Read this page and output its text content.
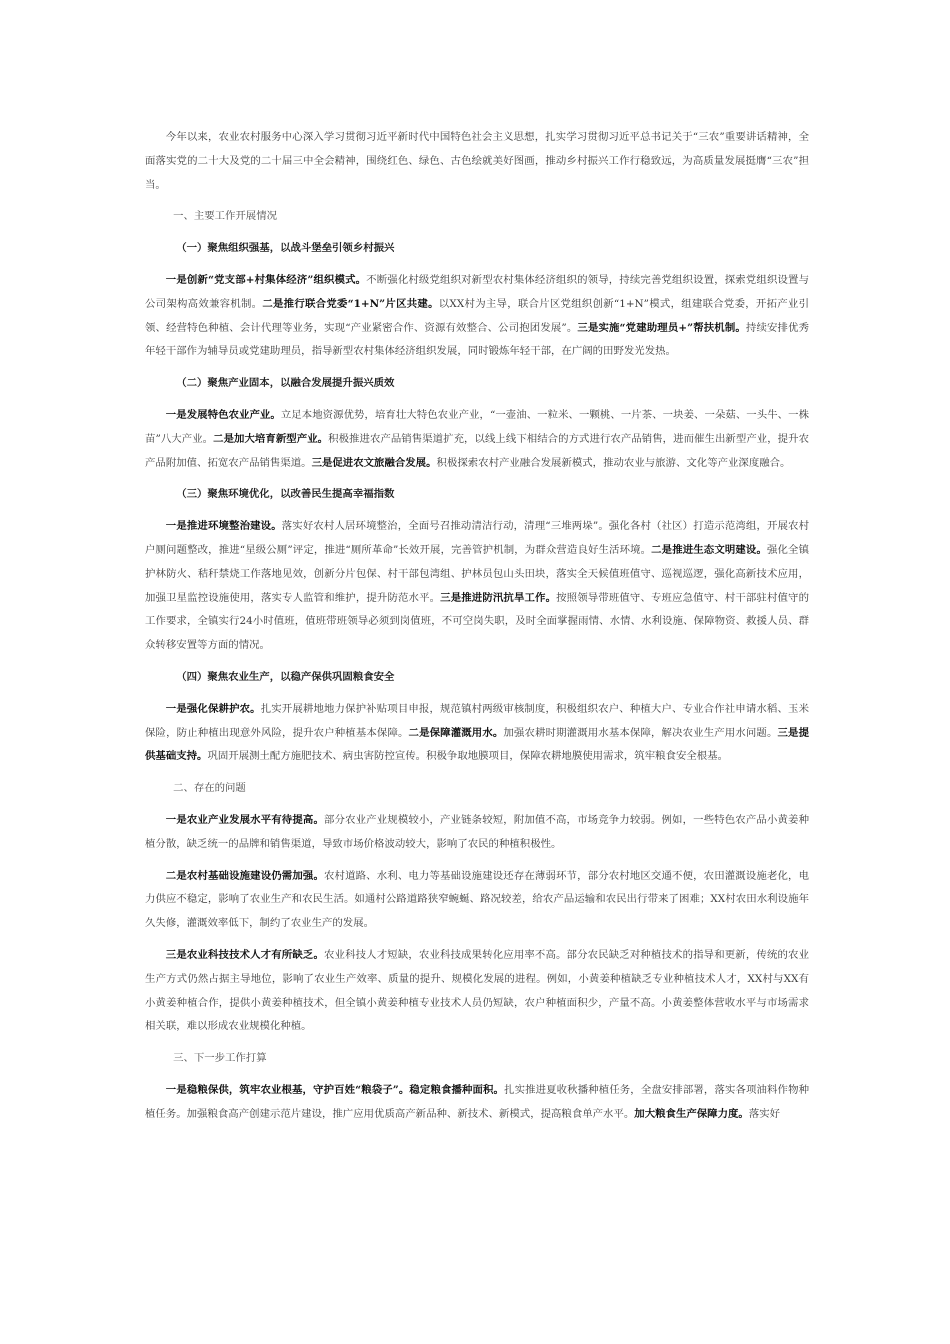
今年以来，农业农村服务中心深入学习贯彻习近平新时代中国特色社会主义思想，扎实学习贯彻习近平总书记关于“三农”重要讲话精神，全面落实党的二十大及党的二十届三中全会精神，围绕红色、绿色、古色绘就美好图画，推动乡村振兴工作行稳致远，为高质量发展挺膺“三农”担当。

一、主要工作开展情况

（一）聚焦组织强基，以战斗堡垒引领乡村振兴

一是创新“党支部+村集体经济”组织模式。不断强化村级党组织对新型农村集体经济组织的领导，持续完善党组织设置，探索党组织设置与公司架构高效兼容机制。二是推行联合党委“1+N”片区共建。以XX村为主导，联合片区党组织创新“1+N”模式，组建联合党委，开拓产业引领、经营特色种植、会计代理等业务，实现“产业紧密合作、资源有效整合、公司抱团发展”。三是实施“党建助理员+”帮扶机制。持续安排优秀年轻干部作为辅导员或党建助理员，指导新型农村集体经济组织发展，同时锻炼年轻干部，在广阔的田野发光发热。

（二）聚焦产业固本，以融合发展提升振兴质效

一是发展特色农业产业。立足本地资源优势，培育壮大特色农业产业，“一壶油、一粒米、一颗桃、一片茶、一块姜、一朵菇、一头牛、一株苗”八大产业。二是加大培育新型产业。积极推进农产品销售渠道扩充，以线上线下相结合的方式进行农产品销售，进而催生出新型产业，提升农产品附加值、拓宽农产品销售渠道。三是促进农文旅融合发展。积极探索农村产业融合发展新模式，推动农业与旅游、文化等产业深度融合。

（三）聚焦环境优化，以改善民生提高幸福指数

一是推进环境整治建设。落实好农村人居环境整治，全面号召推动清洁行动，清理“三堆两垛”。强化各村（社区）打造示范湾组，开展农村户厕问题整改，推进“星级公厕”评定，推进“厕所革命”长效开展，完善管护机制，为群众营造良好生活环境。二是推进生态文明建设。强化全镇护林防火、秸秆禁烧工作落地见效，创新分片包保、村干部包湾组、护林员包山头田块，落实全天候值班值守、巡视巡逻，强化高新技术应用，加强卫星监控设施使用，落实专人监管和维护，提升防范水平。三是推进防汛抗旱工作。按照领导带班值守、专班应急值守、村干部驻村值守的工作要求，全镇实行24小时值班，值班带班领导必须到岗值班，不可空岗失职，及时全面掌握雨情、水情、水利设施、保障物资、救援人员、群众转移安置等方面的情况。

（四）聚焦农业生产，以稳产保供巩固粮食安全

一是强化保耕护农。扎实开展耕地地力保护补贴项目申报，规范镇村两级审核制度，积极组织农户、种植大户、专业合作社申请水稻、玉米保险，防止种植出现意外风险，提升农户种植基本保障。二是保障灌溉用水。加强农耕时期灌溉用水基本保障，解决农业生产用水问题。三是提供基础支持。巩固开展测土配方施肥技术、病虫害防控宣传。积极争取地膜项目，保障农耕地膜使用需求，筑牢粮食安全根基。

二、存在的问题

一是农业产业发展水平有待提高。部分农业产业规模较小，产业链条较短，附加值不高，市场竞争力较弱。例如，一些特色农产品小黄姜种植分散，缺乏统一的品牌和销售渠道，导致市场价格波动较大，影响了农民的种植积极性。

二是农村基础设施建设仍需加强。农村道路、水利、电力等基础设施建设还存在薄弱环节，部分农村地区交通不便，农田灌溉设施老化，电力供应不稳定，影响了农业生产和农民生活。如通村公路道路狭窄蜿蜒、路况较差，给农产品运输和农民出行带来了困难；XX村农田水利设施年久失修，灌溉效率低下，制约了农业生产的发展。

三是农业科技技术人才有所缺乏。农业科技人才短缺，农业科技成果转化应用率不高。部分农民缺乏对种植技术的指导和更新，传统的农业生产方式仍然占据主导地位，影响了农业生产效率、质量的提升、规模化发展的进程。例如，小黄姜种植缺乏专业种植技术人才，XX村与XX有小黄姜种植合作，提供小黄姜种植技术，但全镇小黄姜种植专业技术人员仍短缺，农户种植面积少，产量不高。小黄姜整体营收水平与市场需求相关联，难以形成农业规模化种植。

三、下一步工作打算

一是稳粮保供，筑牢农业根基，守护百姓“粮袋子”。稳定粮食播种面积。扎实推进夏收秋播种植任务，全盘安排部署，落实各项油料作物种植任务。加强粮食高产创建示范片建设，推广应用优质高产新品种、新技术、新模式，提高粮食单产水平。加大粮食生产保障力度。落实好
